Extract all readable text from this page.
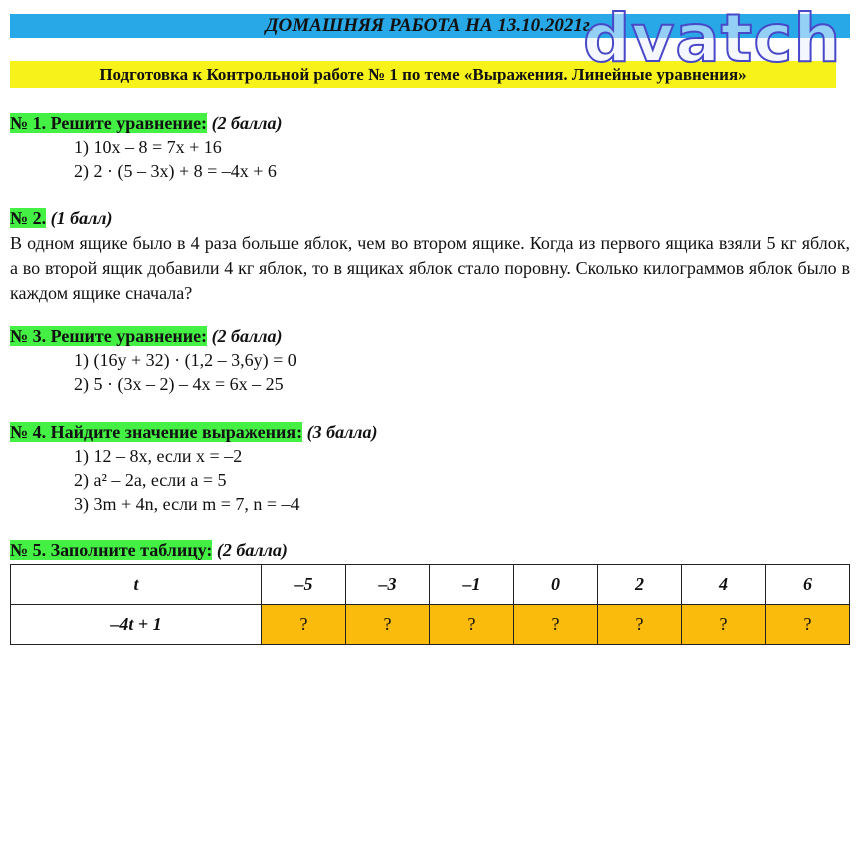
ДОМАШНЯЯ РАБОТА НА 13.10.2021г.
Подготовка к Контрольной работе № 1 по теме «Выражения. Линейные уравнения»
dvatch
№ 1. Решите уравнение: (2 балла)
1) 10x – 8 = 7x + 16
2) 2 · (5 – 3x) + 8 = –4x + 6
№ 2. (1 балл)
В одном ящике было в 4 раза больше яблок, чем во втором ящике. Когда из первого ящика взяли 5 кг яблок, а во второй ящик добавили 4 кг яблок, то в ящиках яблок стало поровну. Сколько килограммов яблок было в каждом ящике сначала?
№ 3. Решите уравнение: (2 балла)
1) (16y + 32) · (1,2 – 3,6y) = 0
2) 5 · (3x – 2) – 4x = 6x – 25
№ 4. Найдите значение выражения: (3 балла)
1) 12 – 8x, если x = –2
2) a² – 2a, если a = 5
3) 3m + 4n, если m = 7, n = –4
№ 5. Заполните таблицу: (2 балла)
t	–5	–3	–1	0	2	4	6
–4t + 1	?	?	?	?	?	?	?
